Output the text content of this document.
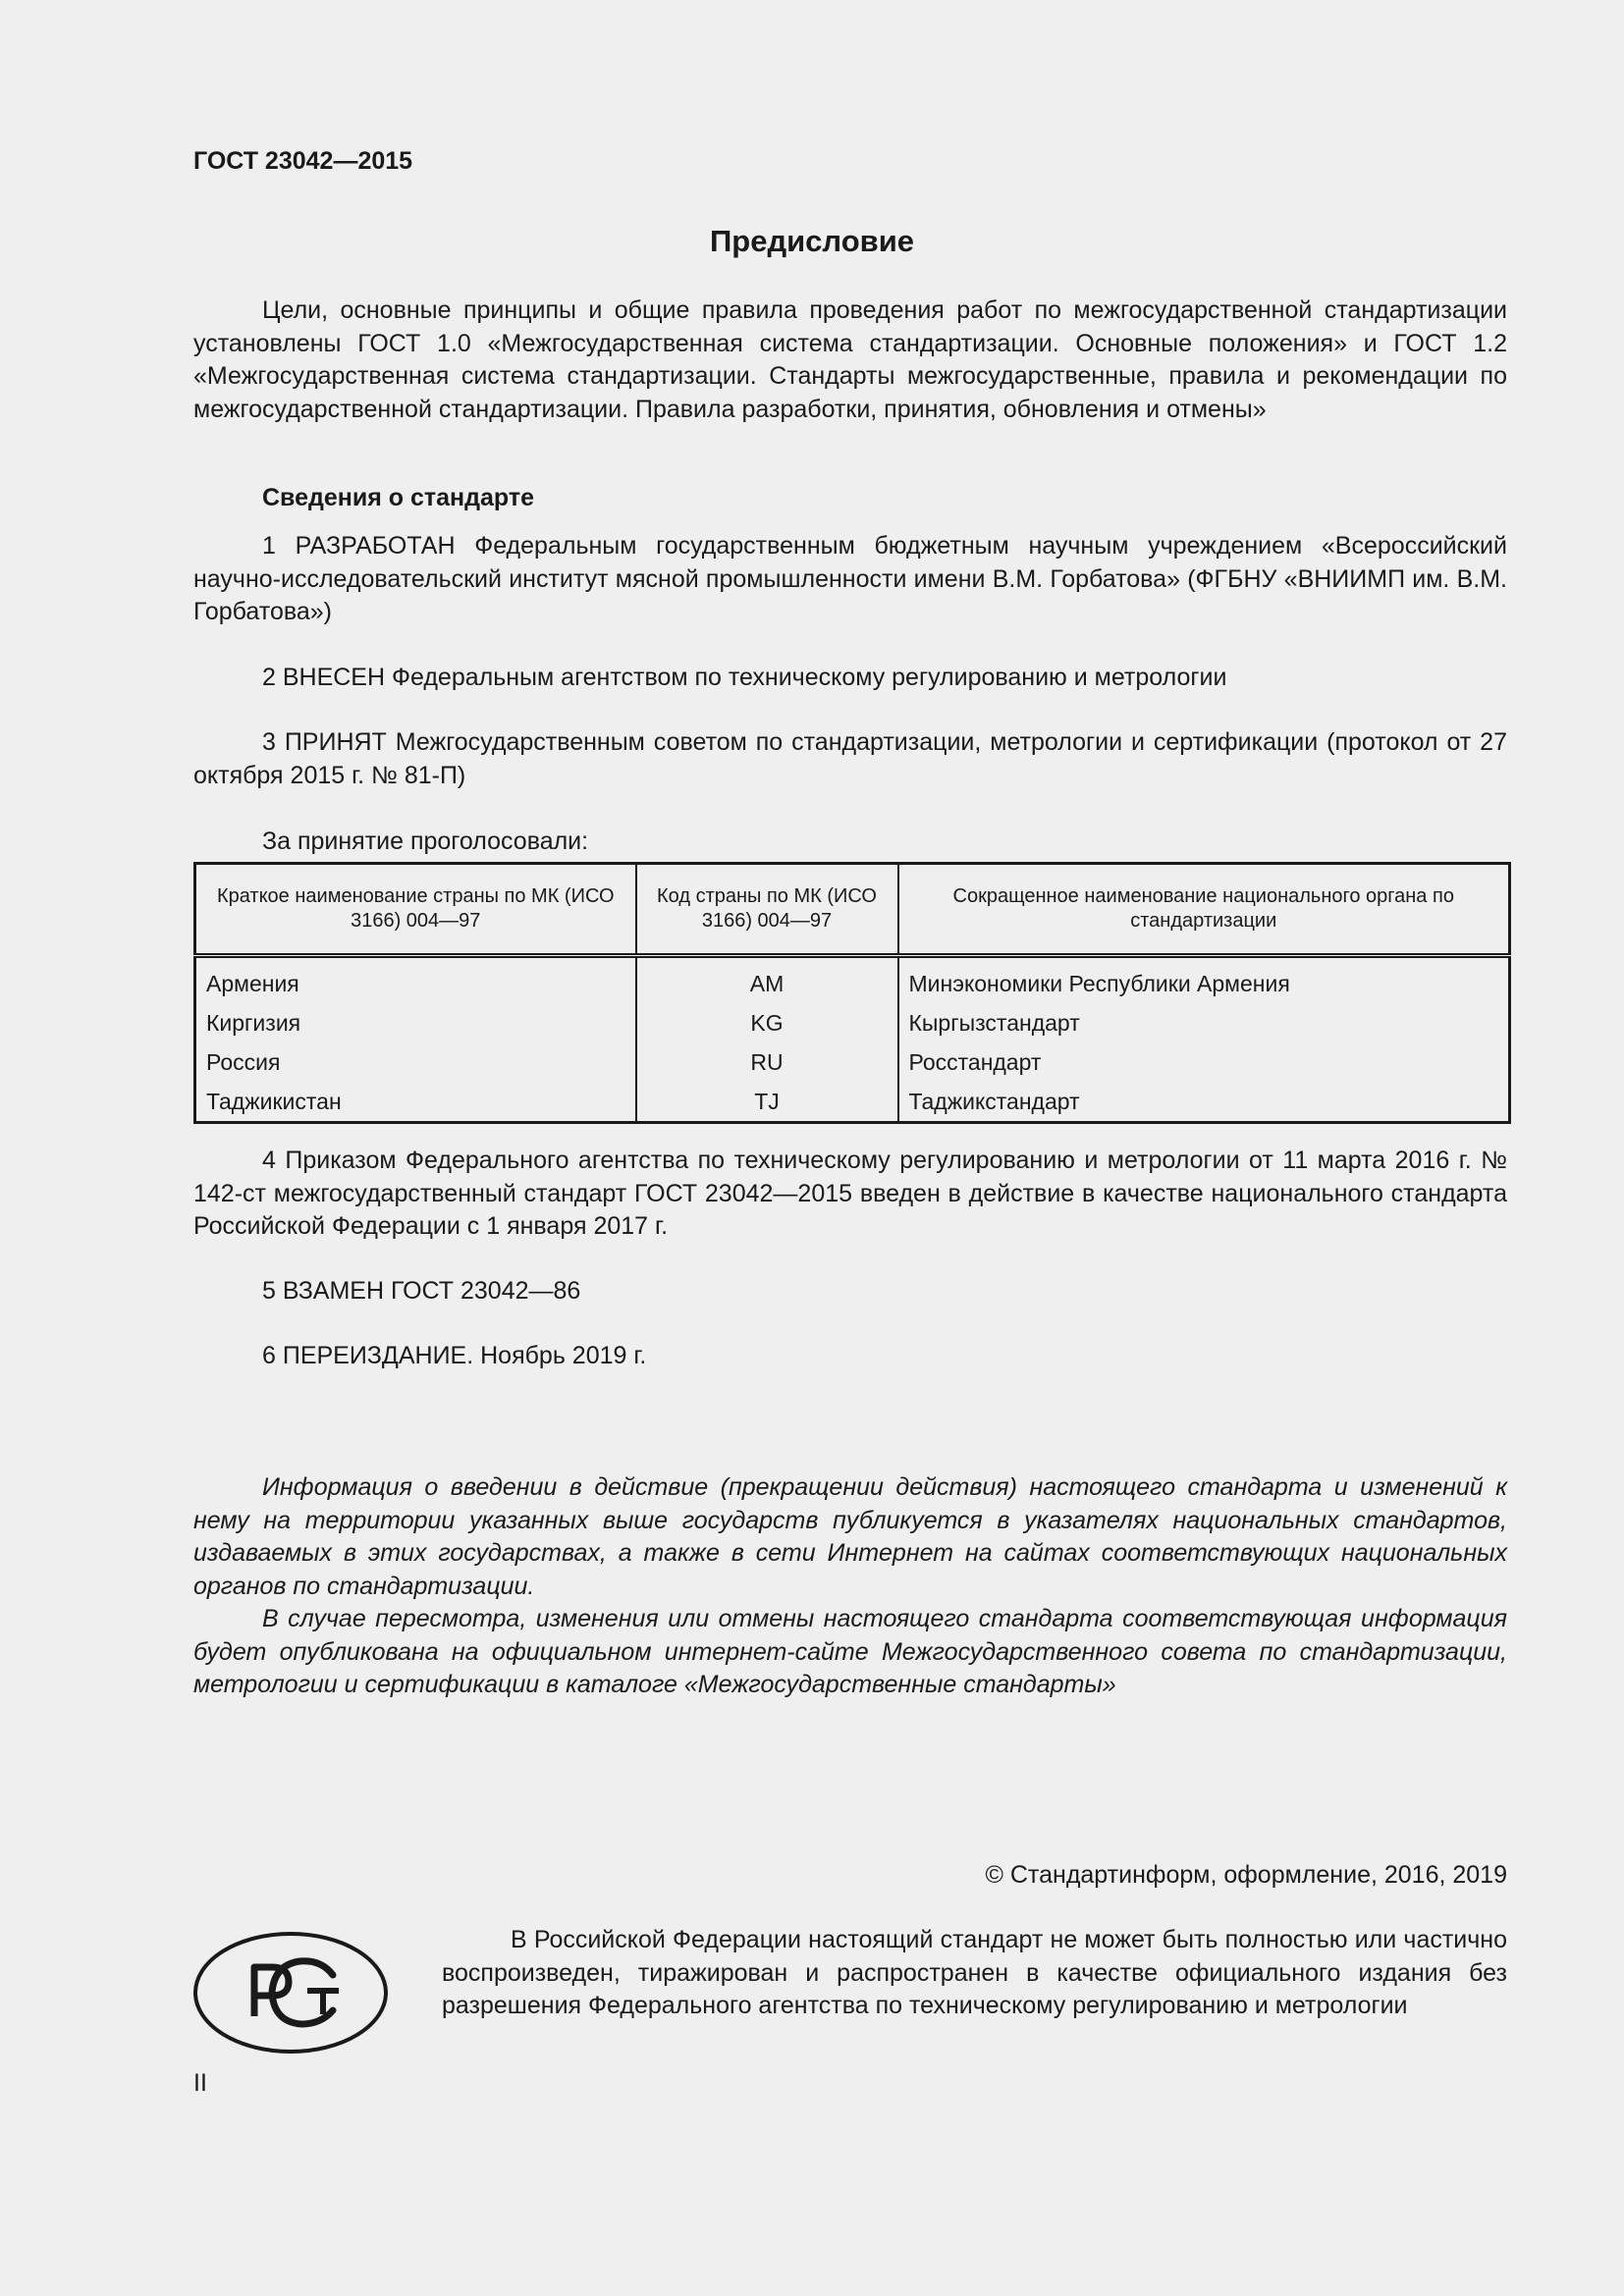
ГОСТ 23042—2015

Предисловие

Цели, основные принципы и общие правила проведения работ по межгосударственной стандартизации установлены ГОСТ 1.0 «Межгосударственная система стандартизации. Основные положения» и ГОСТ 1.2 «Межгосударственная система стандартизации. Стандарты межгосударственные, правила и рекомендации по межгосударственной стандартизации. Правила разработки, принятия, обновления и отмены»

Сведения о стандарте

1 РАЗРАБОТАН Федеральным государственным бюджетным научным учреждением «Всероссийский научно-исследовательский институт мясной промышленности имени В.М. Горбатова» (ФГБНУ «ВНИИМП им. В.М. Горбатова»)

2 ВНЕСЕН Федеральным агентством по техническому регулированию и метрологии

3 ПРИНЯТ Межгосударственным советом по стандартизации, метрологии и сертификации (протокол от 27 октября 2015 г. № 81-П)

За принятие проголосовали:

Краткое наименование страны по МК (ИСО 3166) 004—97	Код страны по МК (ИСО 3166) 004—97	Сокращенное наименование национального органа по стандартизации
Армения	AM	Минэкономики Республики Армения
Киргизия	KG	Кыргызстандарт
Россия	RU	Росстандарт
Таджикистан	TJ	Таджикстандарт

4 Приказом Федерального агентства по техническому регулированию и метрологии от 11 марта 2016 г. № 142-ст межгосударственный стандарт ГОСТ 23042—2015 введен в действие в качестве национального стандарта Российской Федерации с 1 января 2017 г.

5 ВЗАМЕН ГОСТ 23042—86

6 ПЕРЕИЗДАНИЕ. Ноябрь 2019 г.

Информация о введении в действие (прекращении действия) настоящего стандарта и изменений к нему на территории указанных выше государств публикуется в указателях национальных стандартов, издаваемых в этих государствах, а также в сети Интернет на сайтах соответствующих национальных органов по стандартизации.

В случае пересмотра, изменения или отмены настоящего стандарта соответствующая информация будет опубликована на официальном интернет-сайте Межгосударственного совета по стандартизации, метрологии и сертификации в каталоге «Межгосударственные стандарты»

© Стандартинформ, оформление, 2016, 2019

В Российской Федерации настоящий стандарт не может быть полностью или частично воспроизведен, тиражирован и распространен в качестве официального издания без разрешения Федерального агентства по техническому регулированию и метрологии

II
